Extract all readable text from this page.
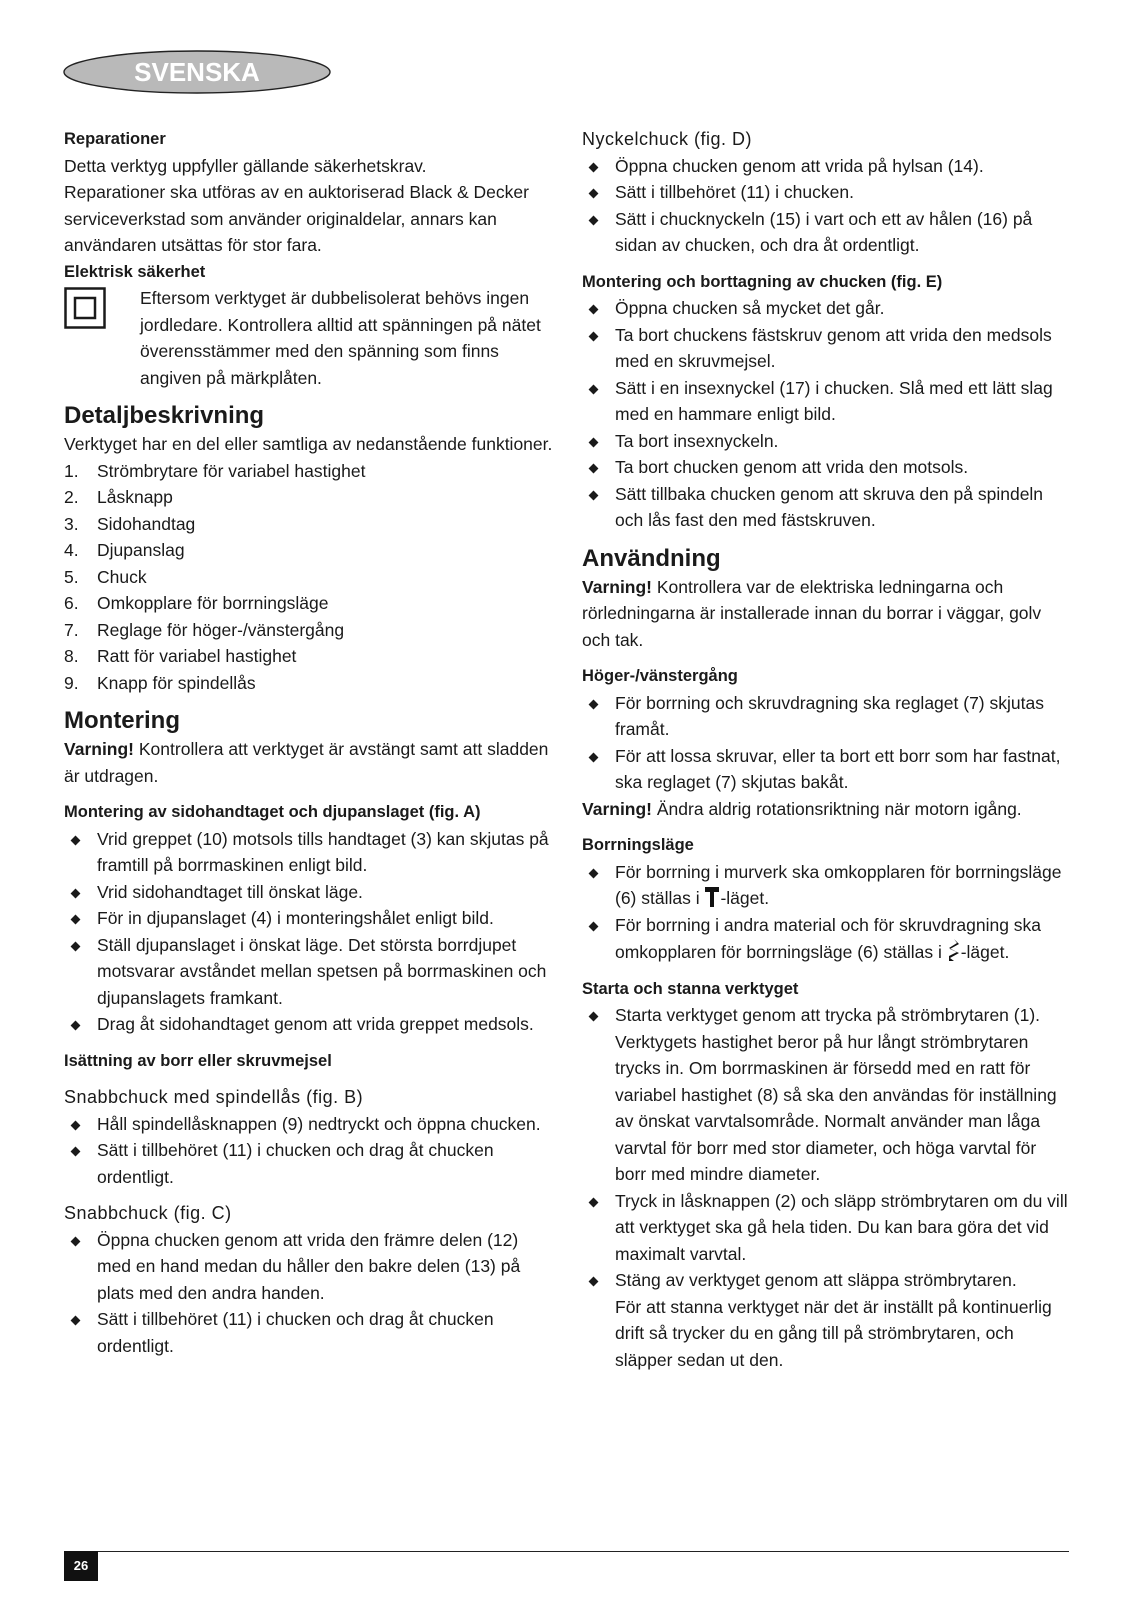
SVENSKA

Reparationer

Detta verktyg uppfyller gällande säkerhetskrav.

Reparationer ska utföras av en auktoriserad Black & Decker serviceverkstad som använder originaldelar, annars kan användaren utsättas för stor fara.

Elektrisk säkerhet

Eftersom verktyget är dubbelisolerat behövs ingen jordledare. Kontrollera alltid att spänningen på nätet överensstämmer med den spänning som finns angiven på märkplåten.

Detaljbeskrivning

Verktyget har en del eller samtliga av nedanstående funktioner.

1.	Strömbrytare för variabel hastighet
2.	Låsknapp
3.	Sidohandtag
4.	Djupanslag
5.	Chuck
6.	Omkopplare för borrningsläge
7.	Reglage för höger-/vänstergång
8.	Ratt för variabel hastighet
9.	Knapp för spindellås

Montering

Varning! Kontrollera att verktyget är avstängt samt att sladden är utdragen.

Montering av sidohandtaget och djupanslaget (fig. A)

Vrid greppet (10) motsols tills handtaget (3) kan skjutas på framtill på borrmaskinen enligt bild.
Vrid sidohandtaget till önskat läge.
För in djupanslaget (4) i monteringshålet enligt bild.
Ställ djupanslaget i önskat läge. Det största borrdjupet motsvarar avståndet mellan spetsen på borrmaskinen och djupanslagets framkant.
Drag åt sidohandtaget genom att vrida greppet medsols.

Isättning av borr eller skruvmejsel

Snabbchuck med spindellås (fig. B)

Håll spindellåsknappen (9) nedtryckt och öppna chucken.
Sätt i tillbehöret (11) i chucken och drag åt chucken ordentligt.

Snabbchuck (fig. C)

Öppna chucken genom att vrida den främre delen (12) med en hand medan du håller den bakre delen (13) på plats med den andra handen.
Sätt i tillbehöret (11) i chucken och drag åt chucken ordentligt.

Nyckelchuck (fig. D)

Öppna chucken genom att vrida på hylsan (14).
Sätt i tillbehöret (11) i chucken.
Sätt i chucknyckeln (15) i vart och ett av hålen (16) på sidan av chucken, och dra åt ordentligt.

Montering och borttagning av chucken (fig. E)

Öppna chucken så mycket det går.
Ta bort chuckens fästskruv genom att vrida den medsols med en skruvmejsel.
Sätt i en insexnyckel (17) i chucken. Slå med ett lätt slag med en hammare enligt bild.
Ta bort insexnyckeln.
Ta bort chucken genom att vrida den motsols.
Sätt tillbaka chucken genom att skruva den på spindeln och lås fast den med fästskruven.

Användning

Varning! Kontrollera var de elektriska ledningarna och rörledningarna är installerade innan du borrar i väggar, golv och tak.

Höger-/vänstergång

För borrning och skruvdragning ska reglaget (7) skjutas framåt.
För att lossa skruvar, eller ta bort ett borr som har fastnat, ska reglaget (7) skjutas bakåt.

Varning! Ändra aldrig rotationsriktning när motorn igång.

Borrningsläge

För borrning i murverk ska omkopplaren för borrningsläge (6) ställas i -läget.
För borrning i andra material och för skruvdragning ska omkopplaren för borrningsläge (6) ställas i -läget.

Starta och stanna verktyget

Starta verktyget genom att trycka på strömbrytaren (1). Verktygets hastighet beror på hur långt strömbrytaren trycks in. Om borrmaskinen är försedd med en ratt för variabel hastighet (8) så ska den användas för inställning av önskat varvtalsområde. Normalt använder man låga varvtal för borr med stor diameter, och höga varvtal för borr med mindre diameter.
Tryck in låsknappen (2) och släpp strömbrytaren om du vill att verktyget ska gå hela tiden. Du kan bara göra det vid maximalt varvtal.
Stäng av verktyget genom att släppa strömbrytaren.

För att stanna verktyget när det är inställt på kontinuerlig drift så trycker du en gång till på strömbrytaren, och släpper sedan ut den.

26
